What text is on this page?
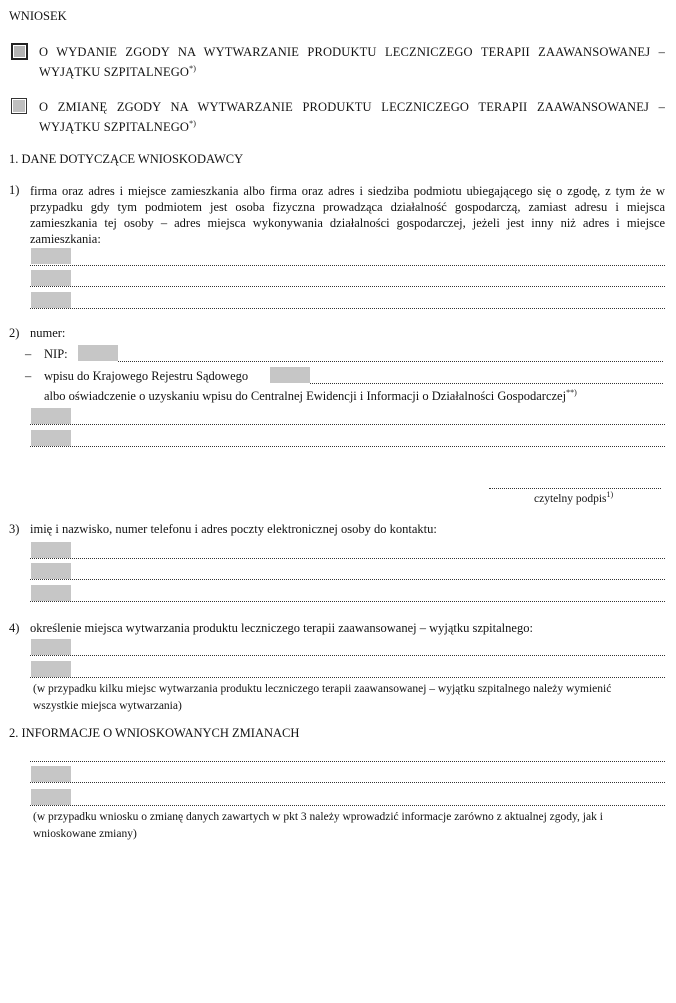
WNIOSEK
O WYDANIE ZGODY NA WYTWARZANIE PRODUKTU LECZNICZEGO TERAPII ZAAWANSOWANEJ – WYJĄTKU SZPITALNEGO*)
O ZMIANĘ ZGODY NA WYTWARZANIE PRODUKTU LECZNICZEGO TERAPII ZAAWANSOWANEJ – WYJĄTKU SZPITALNEGO*)
1. DANE DOTYCZĄCE WNIOSKODAWCY
1) firma oraz adres i miejsce zamieszkania albo firma oraz adres i siedziba podmiotu ubiegającego się o zgodę, z tym że w przypadku gdy tym podmiotem jest osoba fizyczna prowadząca działalność gospodarczą, zamiast adresu i miejsca zamieszkania tej osoby – adres miejsca wykonywania działalności gospodarczej, jeżeli jest inny niż adres i miejsce zamieszkania:
2) numer:
– NIP:
– wpisu do Krajowego Rejestru Sądowego
albo oświadczenie o uzyskaniu wpisu do Centralnej Ewidencji i Informacji o Działalności Gospodarczej**)
czytelny podpis$^{1)}$
3) imię i nazwisko, numer telefonu i adres poczty elektronicznej osoby do kontaktu:
4) określenie miejsca wytwarzania produktu leczniczego terapii zaawansowanej – wyjątku szpitalnego:
(w przypadku kilku miejsc wytwarzania produktu leczniczego terapii zaawansowanej – wyjątku szpitalnego należy wymienić wszystkie miejsca wytwarzania)
2. INFORMACJE O WNIOSKOWANYCH ZMIANACH
(w przypadku wniosku o zmianę danych zawartych w pkt 3 należy wprowadzić informacje zarówno z aktualnej zgody, jak i wnioskowane zmiany)
